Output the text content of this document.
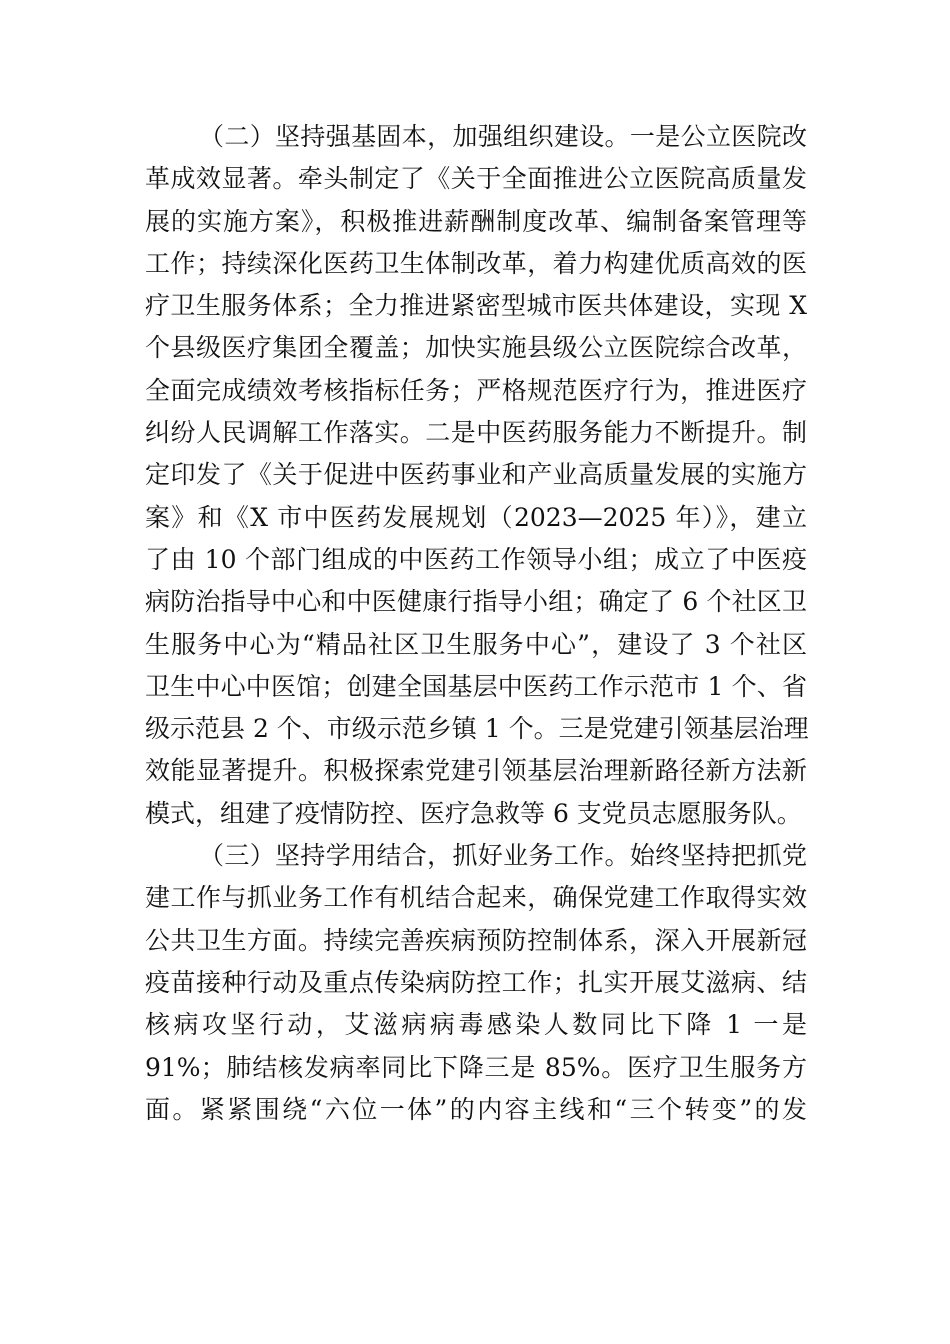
（二）坚持强基固本，加强组织建设。一是公立医院改
革成效显著。牵头制定了《关于全面推进公立医院高质量发
展的实施方案》，积极推进薪酬制度改革、编制备案管理等
工作；持续深化医药卫生体制改革，着力构建优质高效的医
疗卫生服务体系；全力推进紧密型城市医共体建设，实现 X
个县级医疗集团全覆盖；加快实施县级公立医院综合改革，
全面完成绩效考核指标任务；严格规范医疗行为，推进医疗
纠纷人民调解工作落实。二是中医药服务能力不断提升。制
定印发了《关于促进中医药事业和产业高质量发展的实施方
案》和《X 市中医药发展规划（2023—2025 年）》，建立
了由 10 个部门组成的中医药工作领导小组；成立了中医疫
病防治指导中心和中医健康行指导小组；确定了 6 个社区卫
生服务中心为“精品社区卫生服务中心”，建设了 3 个社区
卫生中心中医馆；创建全国基层中医药工作示范市 1 个、省
级示范县 2 个、市级示范乡镇 1 个。三是党建引领基层治理
效能显著提升。积极探索党建引领基层治理新路径新方法新
模式，组建了疫情防控、医疗急救等 6 支党员志愿服务队。
（三）坚持学用结合，抓好业务工作。始终坚持把抓党
建工作与抓业务工作有机结合起来，确保党建工作取得实效
公共卫生方面。持续完善疾病预防控制体系，深入开展新冠
疫苗接种行动及重点传染病防控工作；扎实开展艾滋病、结
核病攻坚行动，艾滋病病毒感染人数同比下降 1 一是
91%；肺结核发病率同比下降三是 85%。医疗卫生服务方
面。紧紧围绕“六位一体”的内容主线和“三个转变”的发
